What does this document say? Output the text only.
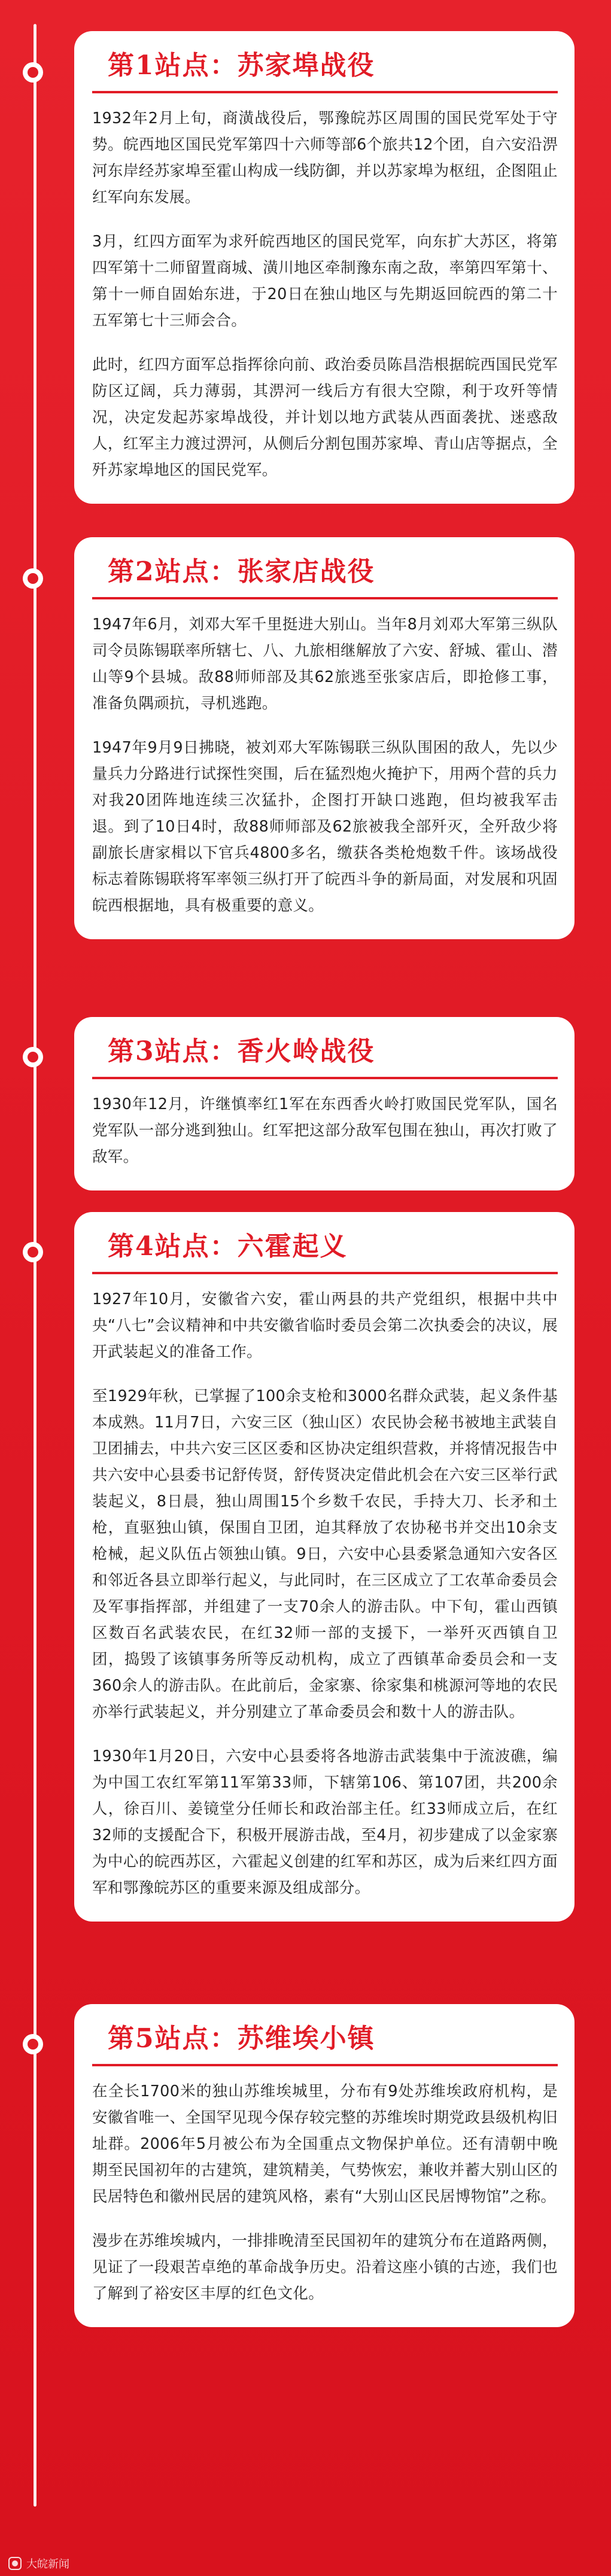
第1站点：苏家埠战役

1932年2月上旬，商潢战役后，鄂豫皖苏区周围的国民党军处于守势。皖西地区国民党军第四十六师等部6个旅共12个团，自六安沿淠河东岸经苏家埠至霍山构成一线防御，并以苏家埠为枢纽，企图阻止红军向东发展。

3月，红四方面军为求歼皖西地区的国民党军，向东扩大苏区，将第四军第十二师留置商城、潢川地区牵制豫东南之敌，率第四军第十、第十一师自固始东进，于20日在独山地区与先期返回皖西的第二十五军第七十三师会合。

此时，红四方面军总指挥徐向前、政治委员陈昌浩根据皖西国民党军防区辽阔，兵力薄弱，其淠河一线后方有很大空隙，利于攻歼等情况，决定发起苏家埠战役，并计划以地方武装从西面袭扰、迷惑敌人，红军主力渡过淠河，从侧后分割包围苏家埠、青山店等据点，全歼苏家埠地区的国民党军。

第2站点：张家店战役

1947年6月，刘邓大军千里挺进大别山。当年8月刘邓大军第三纵队司令员陈锡联率所辖七、八、九旅相继解放了六安、舒城、霍山、潜山等9个县城。敌88师师部及其62旅逃至张家店后，即抢修工事，准备负隅顽抗，寻机逃跑。

1947年9月9日拂晓，被刘邓大军陈锡联三纵队围困的敌人，先以少量兵力分路进行试探性突围，后在猛烈炮火掩护下，用两个营的兵力对我20团阵地连续三次猛扑，企图打开缺口逃跑，但均被我军击退。到了10日4时，敌88师师部及62旅被我全部歼灭，全歼敌少将副旅长唐家楫以下官兵4800多名，缴获各类枪炮数千件。该场战役标志着陈锡联将军率领三纵打开了皖西斗争的新局面，对发展和巩固皖西根据地，具有极重要的意义。

第3站点：香火岭战役

1930年12月，许继慎率红1军在东西香火岭打败国民党军队，国名党军队一部分逃到独山。红军把这部分敌军包围在独山，再次打败了敌军。

第4站点：六霍起义

1927年10月，安徽省六安，霍山两县的共产党组织，根据中共中央“八七”会议精神和中共安徽省临时委员会第二次执委会的决议，展开武装起义的准备工作。

至1929年秋，已掌握了100余支枪和3000名群众武装，起义条件基本成熟。11月7日，六安三区（独山区）农民协会秘书被地主武装自卫团捕去，中共六安三区区委和区协决定组织营救，并将情况报告中共六安中心县委书记舒传贤，舒传贤决定借此机会在六安三区举行武装起义，8日晨，独山周围15个乡数千农民，手持大刀、长矛和土枪，直驱独山镇，保围自卫团，迫其释放了农协秘书并交出10余支枪械，起义队伍占领独山镇。9日，六安中心县委紧急通知六安各区和邻近各县立即举行起义，与此同时，在三区成立了工农革命委员会及军事指挥部，并组建了一支70余人的游击队。中下旬，霍山西镇区数百名武装农民，在红32师一部的支援下，一举歼灭西镇自卫团，捣毁了该镇事务所等反动机构，成立了西镇革命委员会和一支360余人的游击队。在此前后，金家寨、徐家集和桃源河等地的农民亦举行武装起义，并分别建立了革命委员会和数十人的游击队。

1930年1月20日，六安中心县委将各地游击武装集中于流波礁，编为中国工农红军第11军第33师，下辖第106、第107团，共200余人，徐百川、姜镜堂分任师长和政治部主任。红33师成立后，在红32师的支援配合下，积极开展游击战，至4月，初步建成了以金家寨为中心的皖西苏区，六霍起义创建的红军和苏区，成为后来红四方面军和鄂豫皖苏区的重要来源及组成部分。

第5站点：苏维埃小镇

在全长1700米的独山苏维埃城里，分布有9处苏维埃政府机构，是安徽省唯一、全国罕见现今保存较完整的苏维埃时期党政县级机构旧址群。2006年5月被公布为全国重点文物保护单位。还有清朝中晚期至民国初年的古建筑，建筑精美，气势恢宏，兼收并蓄大别山区的民居特色和徽州民居的建筑风格，素有“大别山区民居博物馆”之称。

漫步在苏维埃城内，一排排晚清至民国初年的建筑分布在道路两侧，见证了一段艰苦卓绝的革命战争历史。沿着这座小镇的古迹，我们也了解到了裕安区丰厚的红色文化。

大皖新闻
